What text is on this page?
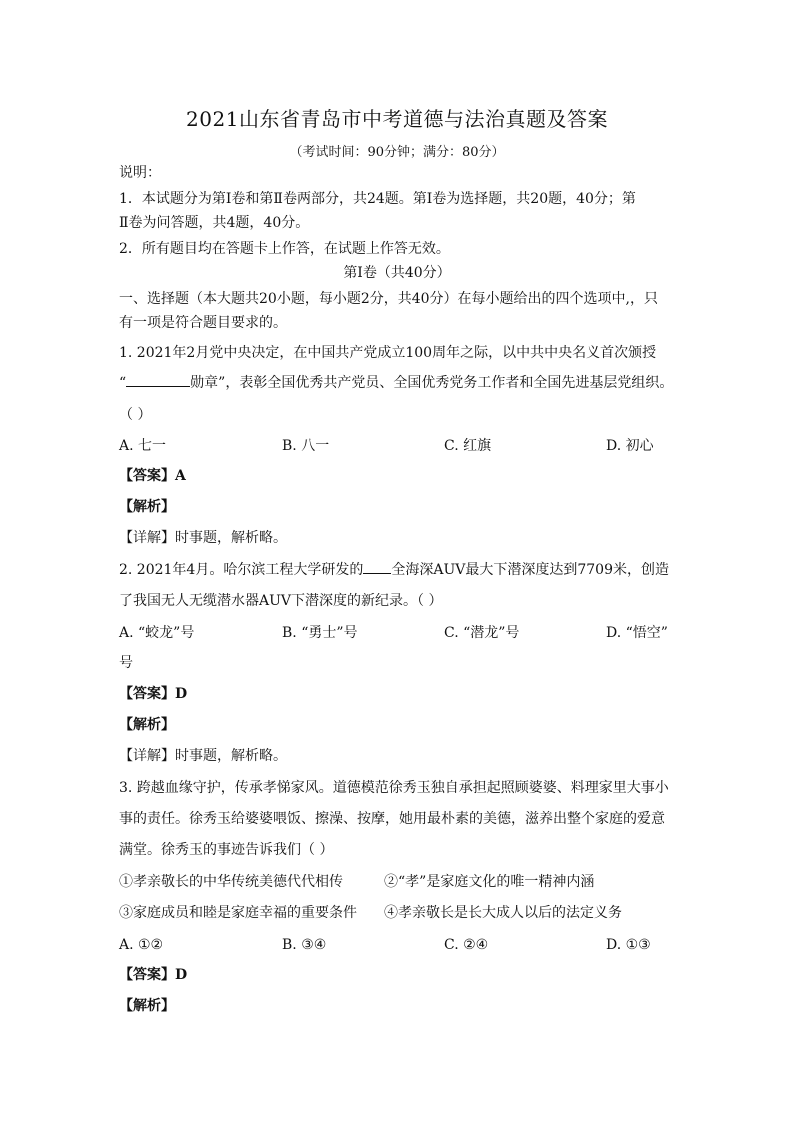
2021山东省青岛市中考道德与法治真题及答案
（考试时间：90分钟；满分：80分）
说明：
1．本试题分为第Ⅰ卷和第Ⅱ卷两部分，共24题。第Ⅰ卷为选择题，共20题，40分；第
Ⅱ卷为问答题，共4题，40分。
2．所有题目均在答题卡上作答，在试题上作答无效。
第Ⅰ卷（共40分）
一、选择题（本大题共20小题，每小题2分，共40分）在每小题给出的四个选项中,，只
有一项是符合题目要求的。
1. 2021年2月党中央决定，在中国共产党成立100周年之际，以中共中央名义首次颁授
“	勋章”，表彰全国优秀共产党员、全国优秀党务工作者和全国先进基层党组织。
（ ）
A. 七一	B. 八一	C. 红旗	D. 初心
【答案】A
【解析】
【详解】时事题，解析略。
2. 2021年4月。哈尔滨工程大学研发的 全海深AUV最大下潜深度达到7709米，创造
了我国无人无缆潜水器AUV下潜深度的新纪录。（ ）
A. “蛟龙”号	B. “勇士”号	C. “潜龙”号	D. “悟空”
号
【答案】D
【解析】
【详解】时事题，解析略。
3. 跨越血缘守护，传承孝悌家风。道德模范徐秀玉独自承担起照顾婆婆、料理家里大事小
事的责任。徐秀玉给婆婆喂饭、擦澡、按摩，她用最朴素的美德，滋养出整个家庭的爱意
满堂。徐秀玉的事迹告诉我们（ ）
①孝亲敬长的中华传统美德代代相传	②“孝”是家庭文化的唯一精神内涵
③家庭成员和睦是家庭幸福的重要条件 ④孝亲敬长是长大成人以后的法定义务
A. ①②	B. ③④	C. ②④	D. ①③
【答案】D
【解析】
